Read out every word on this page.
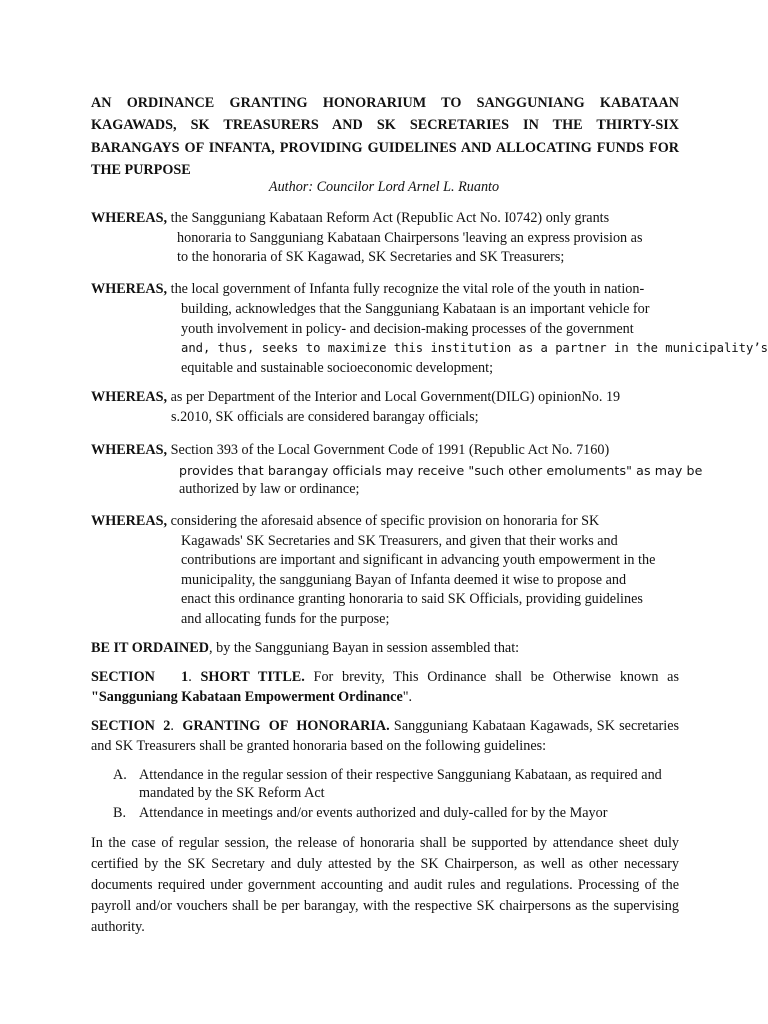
AN ORDINANCE GRANTING HONORARIUM TO SANGGUNIANG KABATAAN KAGAWADS, SK TREASURERS AND SK SECRETARIES IN THE THIRTY-SIX BARANGAYS OF INFANTA, PROVIDING GUIDELINES AND ALLOCATING FUNDS FOR THE PURPOSE
Author: Councilor Lord Arnel L. Ruanto
WHEREAS, the Sangguniang Kabataan Reform Act (RepubIic Act No. I0742) only grants
honoraria to Sangguniang Kabataan Chairpersons 'leaving an express provision as
to the honoraria of SK Kagawad, SK Secretaries and SK Treasurers;
WHEREAS, the local government of Infanta fully recognize the vital role of the youth in nation-
building, acknowledges that the Sangguniang Kabataan is an important vehicle for
youth involvement in policy- and decision-making processes of the government
and, thus, seeks to maximize this institution as a partner in the municipality’s
equitable and sustainable socioeconomic development;
WHEREAS, as per Department of the Interior and Local Government(DILG) opinionNo. 19
s.2010, SK officials are considered barangay officials;
WHEREAS, Section 393 of the Local Government Code of 1991 (Republic Act No. 7160)
provides that barangay officials may receive "such other emoluments" as may be
authorized by law or ordinance;
WHEREAS, considering the aforesaid absence of specific provision on honoraria for SK
Kagawads' SK Secretaries and SK Treasurers, and given that their works and
contributions are important and significant in advancing youth empowerment in the
municipality, the sangguniang Bayan of Infanta deemed it wise to propose and
enact this ordinance granting honoraria to said SK Officials, providing guidelines
and allocating funds for the purpose;
BE IT ORDAINED, by the Sangguniang Bayan in session assembled that:
SECTION   1. SHORT TITLE. For brevity, This Ordinance shall be Otherwise known as "Sangguniang Kabataan Empowerment Ordinance".
SECTION  2.  GRANTING  OF  HONORARIA. Sangguniang Kabataan Kagawads, SK secretaries and SK Treasurers shall be granted honoraria based on the following guidelines:
A. Attendance in the regular session of their respective Sangguniang Kabataan, as required and mandated by the SK Reform Act
B. Attendance in meetings and/or events authorized and duly-called for by the Mayor
In the case of regular session, the release of honoraria shall be supported by attendance sheet duly certified by the SK Secretary and duly attested by the SK Chairperson, as well as other necessary documents required under government accounting and audit rules and regulations. Processing of the payroll and/or vouchers shall be per barangay, with the respective SK chairpersons as the supervising authority.
